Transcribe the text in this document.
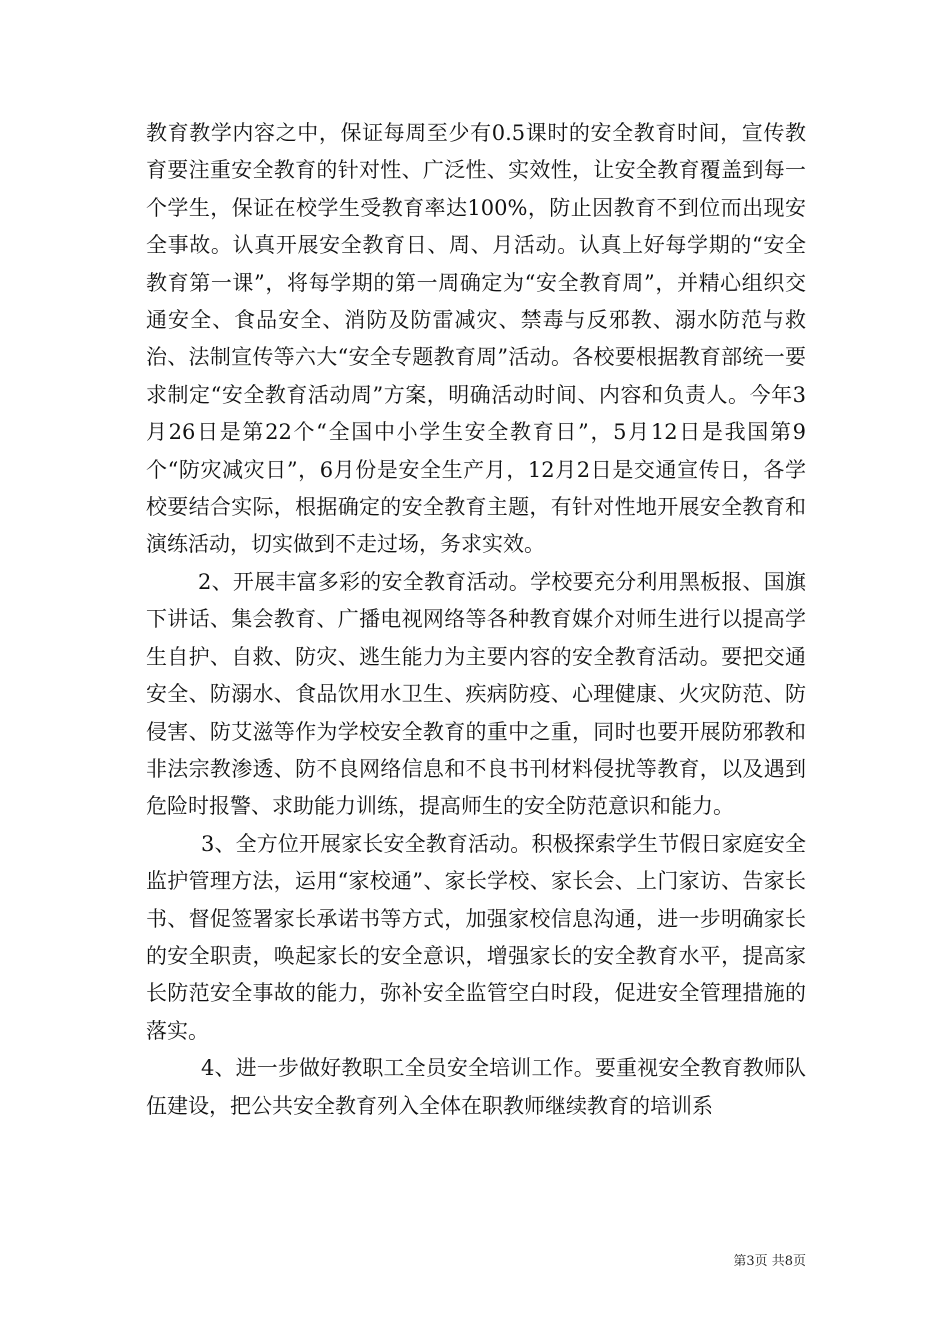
教育教学内容之中，保证每周至少有0.5课时的安全教育时间，宣传教育要注重安全教育的针对性、广泛性、实效性，让安全教育覆盖到每一个学生，保证在校学生受教育率达100%，防止因教育不到位而出现安全事故。认真开展安全教育日、周、月活动。认真上好每学期的“安全教育第一课”，将每学期的第一周确定为“安全教育周”，并精心组织交通安全、食品安全、消防及防雷减灾、禁毒与反邪教、溺水防范与救治、法制宣传等六大“安全专题教育周”活动。各校要根据教育部统一要求制定“安全教育活动周”方案，明确活动时间、内容和负责人。今年3月26日是第22个“全国中小学生安全教育日”，5月12日是我国第9个“防灾减灾日”，6月份是安全生产月，12月2日是交通宣传日，各学校要结合实际，根据确定的安全教育主题，有针对性地开展安全教育和演练活动，切实做到不走过场，务求实效。

2、开展丰富多彩的安全教育活动。学校要充分利用黑板报、国旗下讲话、集会教育、广播电视网络等各种教育媒介对师生进行以提高学生自护、自救、防灾、逃生能力为主要内容的安全教育活动。要把交通安全、防溺水、食品饮用水卫生、疾病防疫、心理健康、火灾防范、防侵害、防艾滋等作为学校安全教育的重中之重，同时也要开展防邪教和非法宗教渗透、防不良网络信息和不良书刊材料侵扰等教育，以及遇到危险时报警、求助能力训练，提高师生的安全防范意识和能力。

3、全方位开展家长安全教育活动。积极探索学生节假日家庭安全监护管理方法，运用“家校通”、家长学校、家长会、上门家访、告家长书、督促签署家长承诺书等方式，加强家校信息沟通，进一步明确家长的安全职责，唤起家长的安全意识，增强家长的安全教育水平，提高家长防范安全事故的能力，弥补安全监管空白时段，促进安全管理措施的落实。

4、进一步做好教职工全员安全培训工作。要重视安全教育教师队伍建设，把公共安全教育列入全体在职教师继续教育的培训系

第3页 共8页
